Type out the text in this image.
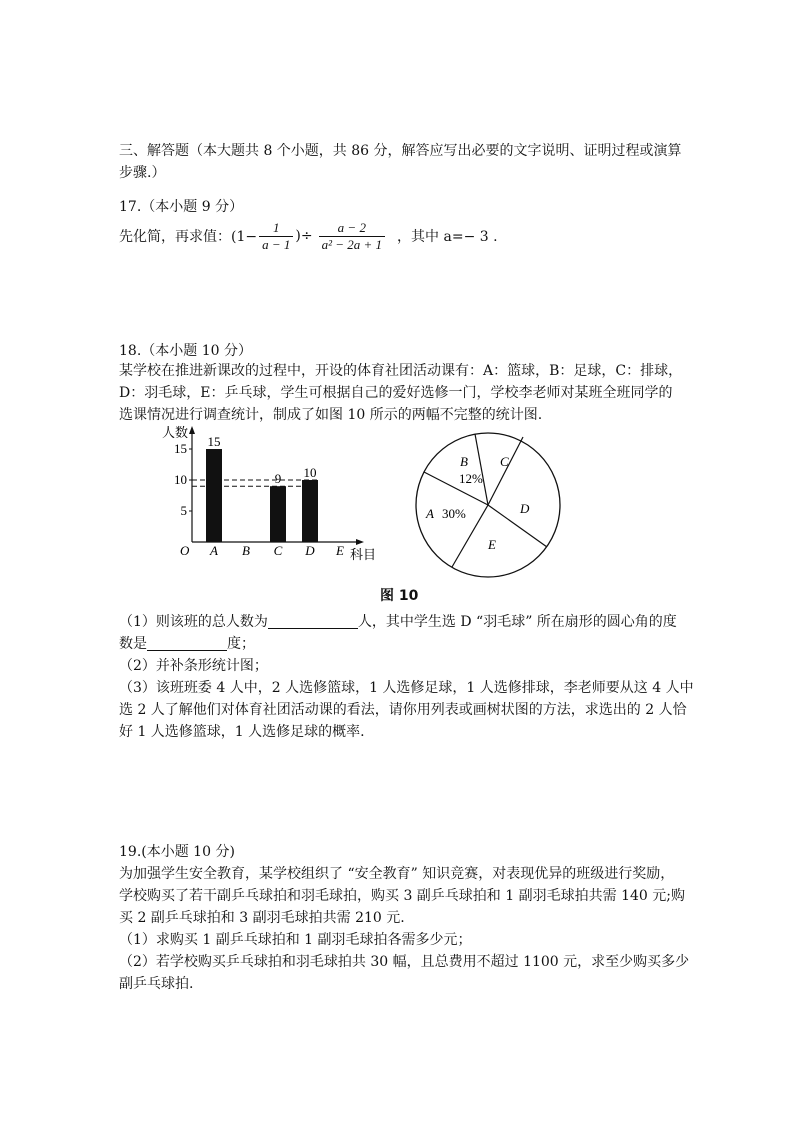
三、解答题（本大题共 8 个小题，共 86 分，解答应写出必要的文字说明、证明过程或演算
步骤.）
17.（本小题 9 分）
先化简，再求值：($1- \frac{1}{a - 1}$ )÷ $\frac{a - 2}{\text{a² − 2a + 1}}$ ，其中 a=− 3 .
18.（本小题 10 分）
某学校在推进新课改的过程中，开设的体育社团活动课有：A：篮球，B：足球，C：排球，
D：羽毛球，E：乒乓球，学生可根据自己的爱好选修一门，学校李老师对某班全班同学的
选课情况进行调查统计，制成了如图 10 所示的两幅不完整的统计图.
人数
科目
O
5
10
15 15
9 10
A B C D E
B
12%
C
A 30%	D
E
图 10
（1）则该班的总人数为	人，其中学生选 D “羽毛球” 所在扇形的圆心角的度
数是	度；
（2）并补条形统计图；
（3）该班班委 4 人中，2 人选修篮球，1 人选修足球，1 人选修排球，李老师要从这 4 人中
选 2 人了解他们对体育社团活动课的看法，请你用列表或画树状图的方法，求选出的 2 人恰
好 1 人选修篮球，1 人选修足球的概率.
19.(本小题 10 分)
为加强学生安全教育，某学校组织了 “安全教育” 知识竞赛，对表现优异的班级进行奖励，
学校购买了若干副乒乓球拍和羽毛球拍，购买 3 副乒乓球拍和 1 副羽毛球拍共需 140 元;购
买 2 副乒乓球拍和 3 副羽毛球拍共需 210 元.
（1）求购买 1 副乒乓球拍和 1 副羽毛球拍各需多少元；
（2）若学校购买乒乓球拍和羽毛球拍共 30 幅，且总费用不超过 1100 元，求至少购买多少
副乒乓球拍.
